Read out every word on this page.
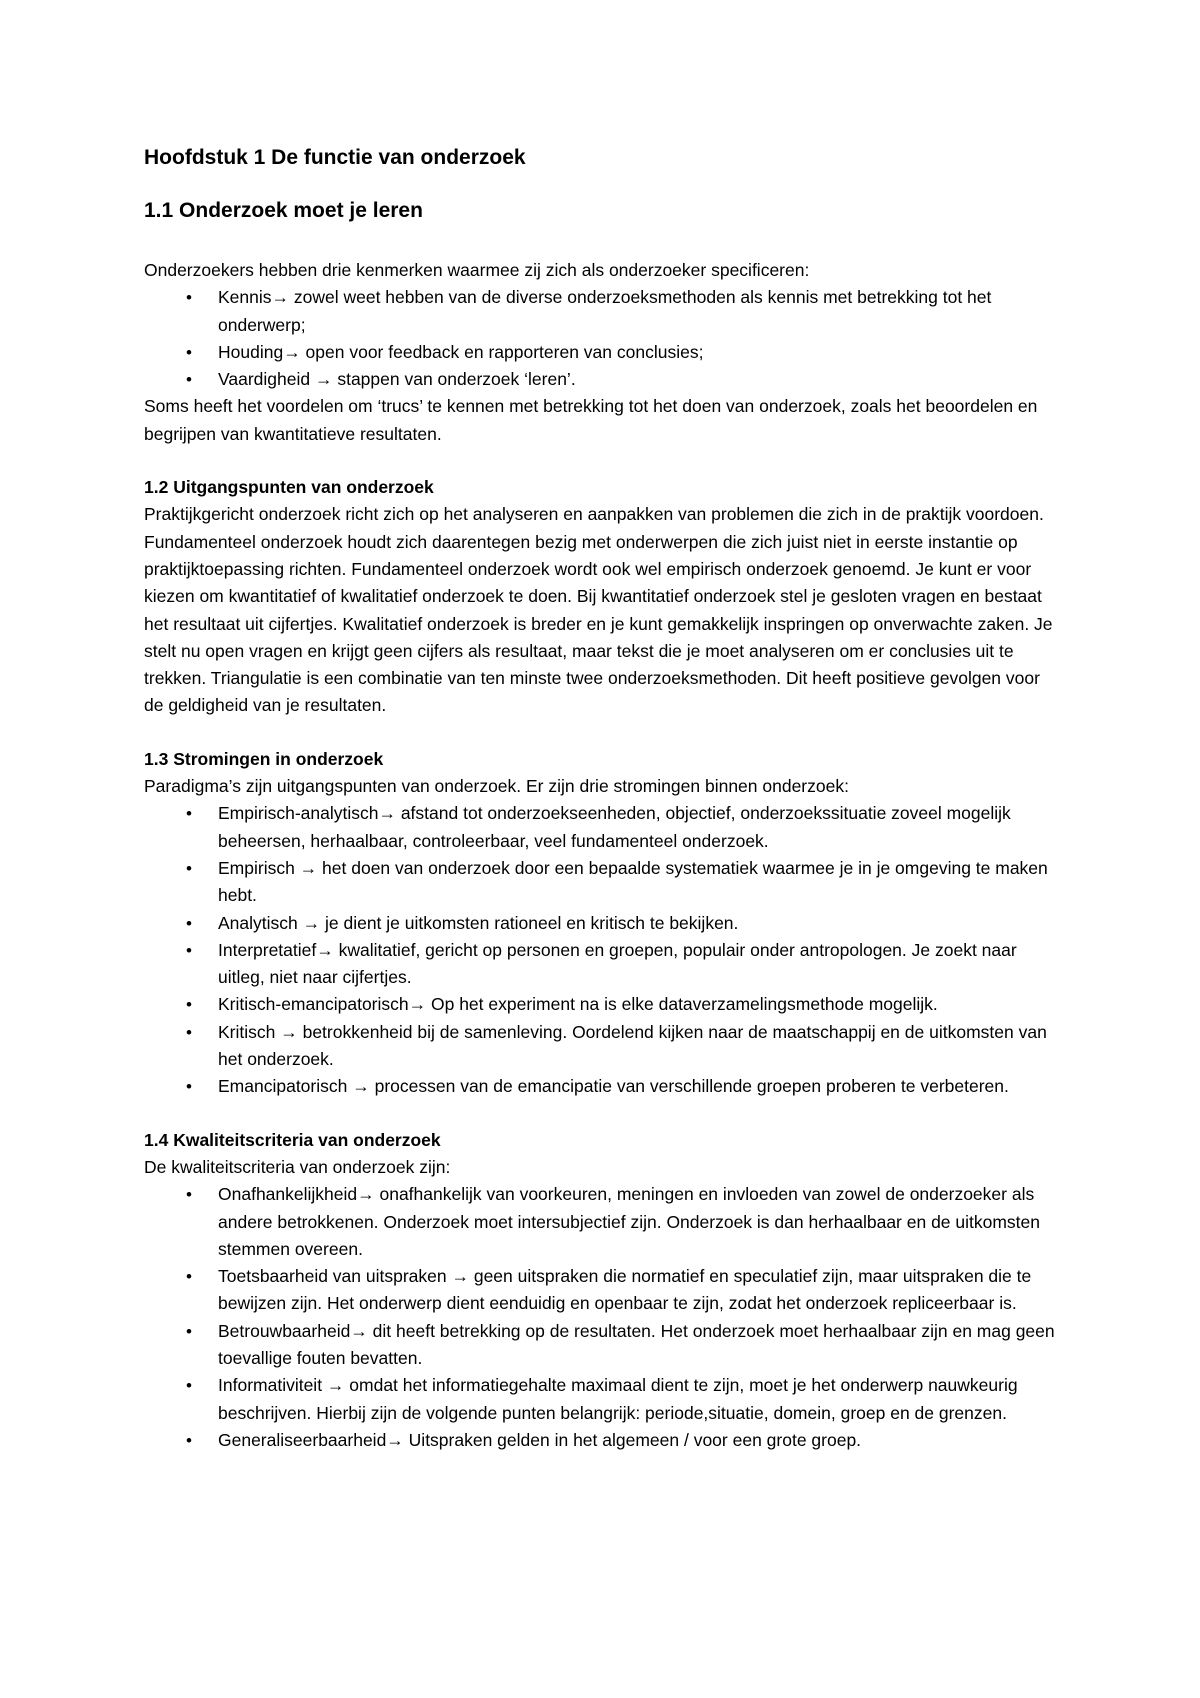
Hoofdstuk 1 De functie van onderzoek
1.1 Onderzoek moet je leren

Onderzoekers hebben drie kenmerken waarmee zij zich als onderzoeker specificeren:

• Kennis→ zowel weet hebben van de diverse onderzoeksmethoden als kennis met betrekking tot het onderwerp;
• Houding→ open voor feedback en rapporteren van conclusies;
• Vaardigheid → stappen van onderzoek ‘leren’.

Soms heeft het voordelen om ‘trucs’ te kennen met betrekking tot het doen van onderzoek, zoals het beoordelen en begrijpen van kwantitatieve resultaten.

1.2 Uitgangspunten van onderzoek

Praktijkgericht onderzoek richt zich op het analyseren en aanpakken van problemen die zich in de praktijk voordoen. Fundamenteel onderzoek houdt zich daarentegen bezig met onderwerpen die zich juist niet in eerste instantie op praktijktoepassing richten. Fundamenteel onderzoek wordt ook wel empirisch onderzoek genoemd. Je kunt er voor kiezen om kwantitatief of kwalitatief onderzoek te doen. Bij kwantitatief onderzoek stel je gesloten vragen en bestaat het resultaat uit cijfertjes. Kwalitatief onderzoek is breder en je kunt gemakkelijk inspringen op onverwachte zaken. Je stelt nu open vragen en krijgt geen cijfers als resultaat, maar tekst die je moet analyseren om er conclusies uit te trekken. Triangulatie is een combinatie van ten minste twee onderzoeksmethoden. Dit heeft positieve gevolgen voor de geldigheid van je resultaten.

1.3 Stromingen in onderzoek

Paradigma’s zijn uitgangspunten van onderzoek. Er zijn drie stromingen binnen onderzoek:

• Empirisch-analytisch→ afstand tot onderzoekseenheden, objectief, onderzoekssituatie zoveel mogelijk beheersen, herhaalbaar, controleerbaar, veel fundamenteel onderzoek.
• Empirisch → het doen van onderzoek door een bepaalde systematiek waarmee je in je omgeving te maken hebt.
• Analytisch → je dient je uitkomsten rationeel en kritisch te bekijken.
• Interpretatief→ kwalitatief, gericht op personen en groepen, populair onder antropologen. Je zoekt naar uitleg, niet naar cijfertjes.
• Kritisch-emancipatorisch→ Op het experiment na is elke dataverzamelingsmethode mogelijk.
• Kritisch → betrokkenheid bij de samenleving. Oordelend kijken naar de maatschappij en de uitkomsten van het onderzoek.
• Emancipatorisch → processen van de emancipatie van verschillende groepen proberen te verbeteren.
1.4 Kwaliteitscriteria van onderzoek

De kwaliteitscriteria van onderzoek zijn:

• Onafhankelijkheid→ onafhankelijk van voorkeuren, meningen en invloeden van zowel de onderzoeker als andere betrokkenen. Onderzoek moet intersubjectief zijn. Onderzoek is dan herhaalbaar en de uitkomsten stemmen overeen.
• Toetsbaarheid van uitspraken → geen uitspraken die normatief en speculatief zijn, maar uitspraken die te bewijzen zijn. Het onderwerp dient eenduidig en openbaar te zijn, zodat het onderzoek repliceerbaar is.
• Betrouwbaarheid→ dit heeft betrekking op de resultaten. Het onderzoek moet herhaalbaar zijn en mag geen toevallige fouten bevatten.
• Informativiteit → omdat het informatiegehalte maximaal dient te zijn, moet je het onderwerp nauwkeurig beschrijven. Hierbij zijn de volgende punten belangrijk: periode,situatie, domein, groep en de grenzen.
• Generaliseerbaarheid→ Uitspraken gelden in het algemeen / voor een grote groep.
